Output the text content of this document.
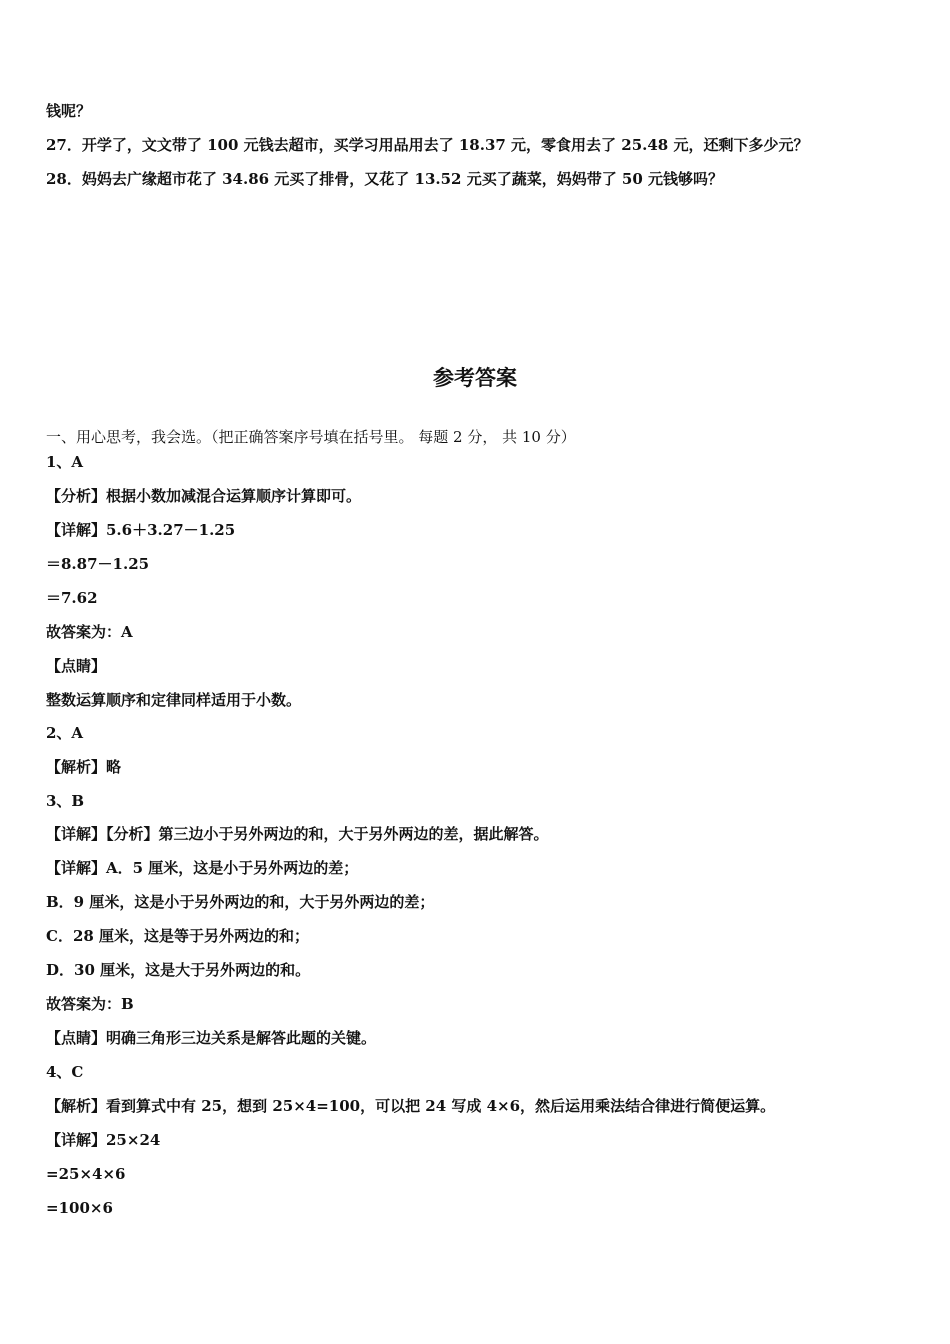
钱呢？
27．开学了，文文带了 100 元钱去超市，买学习用品用去了 18.37 元，零食用去了 25.48 元，还剩下多少元？
28．妈妈去广缘超市花了 34.86 元买了排骨，又花了 13.52 元买了蔬菜，妈妈带了 50 元钱够吗？
参考答案
一、用心思考，我会选。（把正确答案序号填在括号里。 每题 2 分， 共 10 分）
1、A
【分析】根据小数加减混合运算顺序计算即可。
【详解】5.6＋3.27－1.25
＝8.87－1.25
＝7.62
故答案为：A
【点睛】
整数运算顺序和定律同样适用于小数。
2、A
【解析】略
3、B
【详解】【分析】第三边小于另外两边的和，大于另外两边的差，据此解答。
【详解】A．5 厘米，这是小于另外两边的差；
B．9 厘米，这是小于另外两边的和，大于另外两边的差；
C．28 厘米，这是等于另外两边的和；
D．30 厘米，这是大于另外两边的和。
故答案为：B
【点睛】明确三角形三边关系是解答此题的关键。
4、C
【解析】看到算式中有 25，想到 25×4=100，可以把 24 写成 4×6，然后运用乘法结合律进行简便运算。
【详解】25×24
=25×4×6
=100×6
